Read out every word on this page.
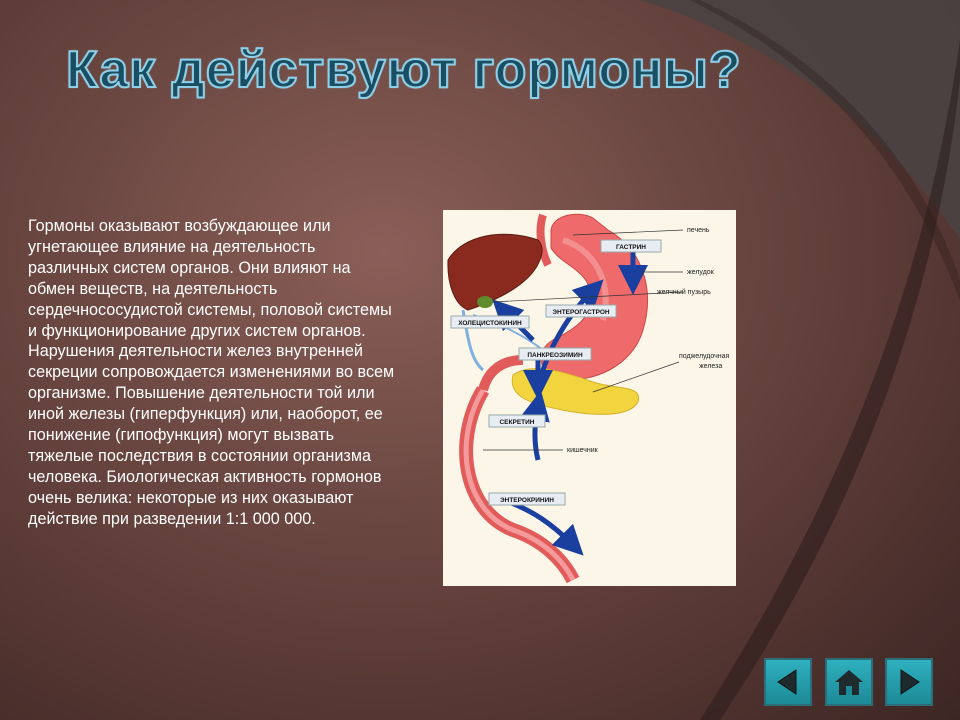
Как действуют гормоны?

Гормоны оказывают возбуждающее или угнетающее влияние на деятельность различных систем органов. Они влияют на обмен веществ, на деятельность сердечнососудистой системы, половой системы и функционирование других систем органов. Нарушения деятельности желез внутренней секреции сопровождается изменениями во всем организме. Повышение деятельности той или иной железы (гиперфункция) или, наоборот, ее понижение (гипофункция) могут вызвать тяжелые последствия в состоянии организма человека. Биологическая активность гормонов очень велика: некоторые из них оказывают действие при разведении 1:1 000 000.

ГАСТРИН
ЭНТЕРОГАСТРОН
ХОЛЕЦИСТОКИНИН
ПАНКРЕОЗИМИН
СЕКРЕТИН
ЭНТЕРОКРИНИН
печень
желудок
желчный пузырь
поджелудочная
железа
кишечник
